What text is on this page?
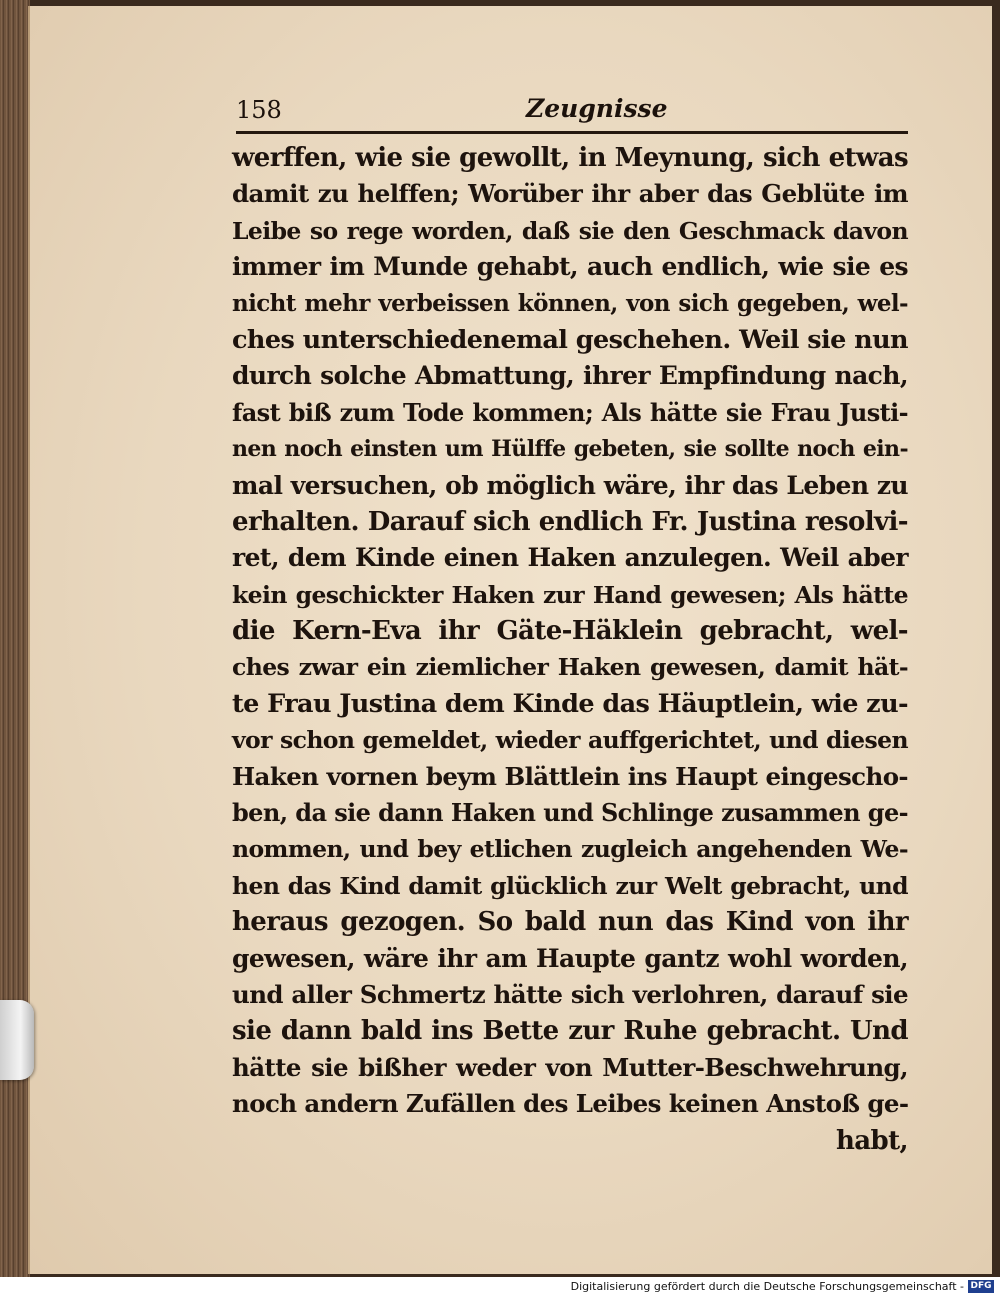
158	Zeugnisse
werffen, wie sie gewollt, in Meynung, sich etwas
damit zu helffen; Worüber ihr aber das Geblüte im
Leibe so rege worden, daß sie den Geschmack davon
immer im Munde gehabt, auch endlich, wie sie es
nicht mehr verbeissen können, von sich gegeben, wel-
ches unterschiedenemal geschehen. Weil sie nun
durch solche Abmattung, ihrer Empfindung nach,
fast biß zum Tode kommen; Als hätte sie Frau Justi-
nen noch einsten um Hülffe gebeten, sie sollte noch ein-
mal versuchen, ob möglich wäre, ihr das Leben zu
erhalten. Darauf sich endlich Fr. Justina resolvi-
ret, dem Kinde einen Haken anzulegen. Weil aber
kein geschickter Haken zur Hand gewesen; Als hätte
die Kern-Eva ihr Gäte-Häklein gebracht, wel-
ches zwar ein ziemlicher Haken gewesen, damit hät-
te Frau Justina dem Kinde das Häuptlein, wie zu-
vor schon gemeldet, wieder auffgerichtet, und diesen
Haken vornen beym Blättlein ins Haupt eingescho-
ben, da sie dann Haken und Schlinge zusammen ge-
nommen, und bey etlichen zugleich angehenden We-
hen das Kind damit glücklich zur Welt gebracht, und
heraus gezogen. So bald nun das Kind von ihr
gewesen, wäre ihr am Haupte gantz wohl worden,
und aller Schmertz hätte sich verlohren, darauf sie
sie dann bald ins Bette zur Ruhe gebracht. Und
hätte sie bißher weder von Mutter-Beschwehrung,
noch andern Zufällen des Leibes keinen Anstoß ge-
habt,
Digitalisierung gefördert durch die Deutsche Forschungsgemeinschaft - DFG
